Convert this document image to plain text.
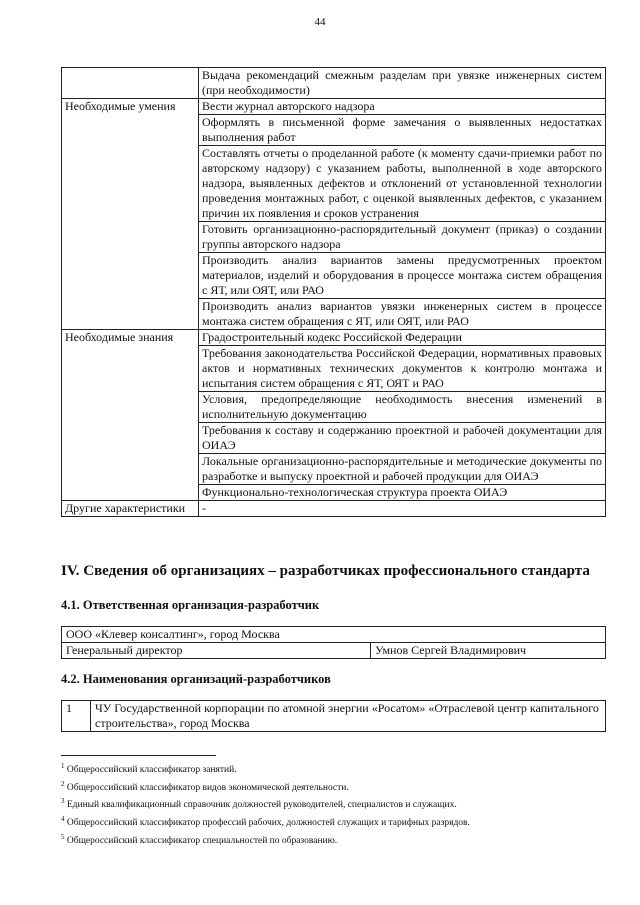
44
	Выдача рекомендаций смежным разделам при увязке инженерных систем (при необходимости)
Необходимые умения	Вести журнал авторского надзора
	Оформлять в письменной форме замечания о выявленных недостатках выполнения работ
	Составлять отчеты о проделанной работе (к моменту сдачи-приемки работ по авторскому надзору) с указанием работы, выполненной в ходе авторского надзора, выявленных дефектов и отклонений от установленной технологии проведения монтажных работ, с оценкой выявленных дефектов, с указанием причин их появления и сроков устранения
	Готовить организационно-распорядительный документ (приказ) о создании группы авторского надзора
	Производить анализ вариантов замены предусмотренных проектом материалов, изделий и оборудования в процессе монтажа систем обращения с ЯТ, или ОЯТ, или РАО
	Производить анализ вариантов увязки инженерных систем в процессе монтажа систем обращения с ЯТ, или ОЯТ, или РАО
Необходимые знания	Градостроительный кодекс Российской Федерации
	Требования законодательства Российской Федерации, нормативных правовых актов и нормативных технических документов к контролю монтажа и испытания систем обращения с ЯТ, ОЯТ и РАО
	Условия, предопределяющие необходимость внесения изменений в исполнительную документацию
	Требования к составу и содержанию проектной и рабочей документации для ОИАЭ
	Локальные организационно-распорядительные и методические документы по разработке и выпуску проектной и рабочей продукции для ОИАЭ
	Функционально-технологическая структура проекта ОИАЭ
Другие характеристики	-
IV. Сведения об организациях – разработчиках профессионального стандарта
4.1. Ответственная организация-разработчик
ООО «Клевер консалтинг», город Москва
Генеральный директор	Умнов Сергей Владимирович
4.2. Наименования организаций-разработчиков
1	ЧУ Государственной корпорации по атомной энергии «Росатом» «Отраслевой центр капитального строительства», город Москва
$^1$ Общероссийский классификатор занятий.
$^2$ Общероссийский классификатор видов экономической деятельности.
$^3$ Единый квалификационный справочник должностей руководителей, специалистов и служащих.
$^4$ Общероссийский классификатор профессий рабочих, должностей служащих и тарифных разрядов.
$^5$ Общероссийский классификатор специальностей по образованию.
